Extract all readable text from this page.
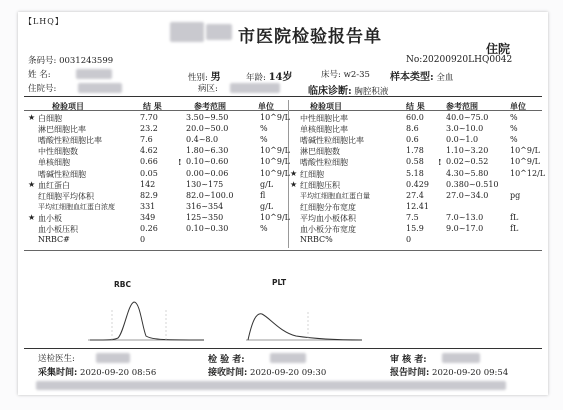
【LHQ】
市医院检验报告单
住院
No:20200920LHQ0042
条码号: 0031243599
姓 名:	性别: 男	年龄: 14岁	床号: w2-35 样本类型: 全血
住院号:	病区:	临床诊断: 胸腔积液
检验项目	结 果	参考范围	单位	检验项目	结 果	参考范围	单位
★ 白细胞	7.70	3.50~9.50	10^9/L
淋巴细胞比率	23.2	20.0~50.0	%
嗜酸性粒细胞比率	7.6	0.4~8.0	%
中性细胞数	4.62	1.80~6.30	10^9/L
单核细胞	0.66	! 0.10~0.60	10^9/L
嗜碱性粒细胞	0.05	0.00~0.06	10^9/L
★ 血红蛋白	142	130~175	g/L
红细胞平均体积	82.9	82.0~100.0	fl
平均红细胞血红蛋白浓度	331	316~354	g/L
★ 血小板	349	125~350	10^9/L
血小板压积	0.26	0.10~0.30	%
NRBC#	0
中性细胞比率	60.0	40.0~75.0	%
单核细胞比率	8.6	3.0~10.0	%
嗜碱性粒细胞比率	0.6	0.0~1.0	%
淋巴细胞数	1.78	1.10~3.20	10^9/L
嗜酸性粒细胞	0.58 ! 0.02~0.52	10^9/L
★ 红细胞	5.18	4.30~5.80	10^12/L
★ 红细胞压积	0.429 0.380~0.510
平均红细胞血红蛋白量	27.4	27.0~34.0	pg
红细胞分布宽度	12.41
平均血小板体积	7.5	7.0~13.0	fL
血小板分布宽度	15.9	9.0~17.0	fL
NRBC%	0
RBC	PLT
送检医生:	检 验 者:	审 核 者:
采集时间: 2020-09-20 08:56	接收时间: 2020-09-20 09:30	报告时间: 2020-09-20 09:54
